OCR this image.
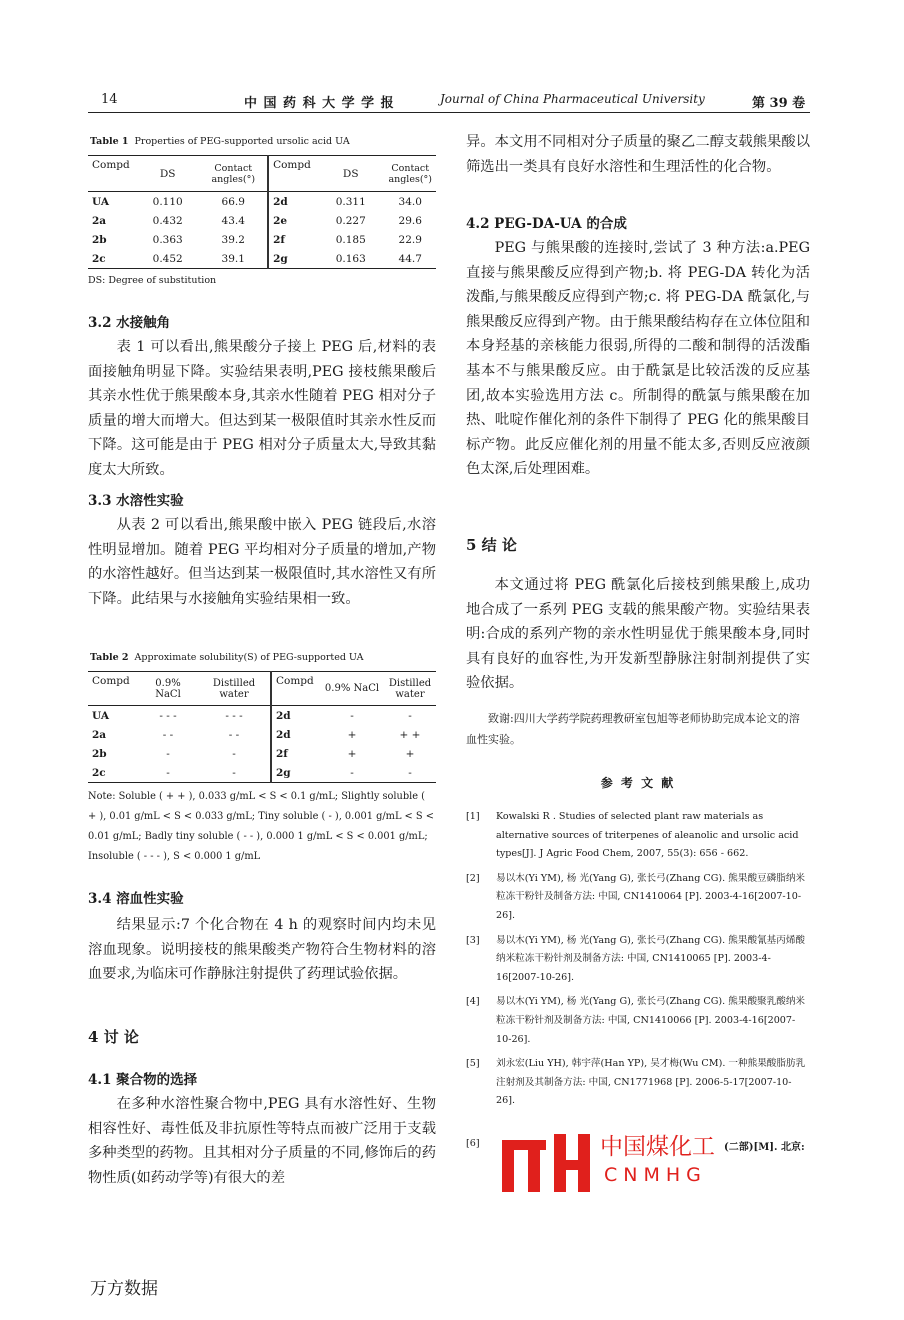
14	中 国 药 科 大 学 学 报	Journal of China Pharmaceutical University	第 39 卷
Table 1 Properties of PEG-supported ursolic acid UA
Compd	DS	Contact angles(°)	Compd	DS	Contact angles(°)
UA	0.110	66.9	2d	0.311	34.0
2a	0.432	43.4	2e	0.227	29.6
2b	0.363	39.2	2f	0.185	22.9
2c	0.452	39.1	2g	0.163	44.7
DS: Degree of substitution

3.2 水接触角

表 1 可以看出,熊果酸分子接上 PEG 后,材料的表面接触角明显下降。实验结果表明,PEG 接枝熊果酸后其亲水性优于熊果酸本身,其亲水性随着 PEG 相对分子质量的增大而增大。但达到某一极限值时其亲水性反而下降。这可能是由于 PEG 相对分子质量太大,导致其黏度太大所致。

3.3 水溶性实验

从表 2 可以看出,熊果酸中嵌入 PEG 链段后,水溶性明显增加。随着 PEG 平均相对分子质量的增加,产物的水溶性越好。但当达到某一极限值时,其水溶性又有所下降。此结果与水接触角实验结果相一致。

Table 2 Approximate solubility(S) of PEG-supported UA
Compd	0.9% NaCl	Distilled water	Compd	0.9% NaCl	Distilled water
UA	- - -	- - -	2d	-	-
2a	- -	- -	2d	+	+ +
2b	-	-	2f	+	+
2c	-	-	2g	-	-
Note: Soluble ( + + ), 0.033 g/mL < S < 0.1 g/mL; Slightly soluble ( + ), 0.01 g/mL < S < 0.033 g/mL; Tiny soluble ( - ), 0.001 g/mL < S < 0.01 g/mL; Badly tiny soluble ( - - ), 0.000 1 g/mL < S < 0.001 g/mL; Insoluble ( - - - ), S < 0.000 1 g/mL

3.4 溶血性实验

结果显示:7 个化合物在 4 h 的观察时间内均未见溶血现象。说明接枝的熊果酸类产物符合生物材料的溶血要求,为临床可作静脉注射提供了药理试验依据。

4 讨 论

4.1 聚合物的选择

在多种水溶性聚合物中,PEG 具有水溶性好、生物相容性好、毒性低及非抗原性等特点而被广泛用于支载多种类型的药物。且其相对分子质量的不同,修饰后的药物性质(如药动学等)有很大的差

异。本文用不同相对分子质量的聚乙二醇支载熊果酸以筛选出一类具有良好水溶性和生理活性的化合物。

4.2 PEG-DA-UA 的合成

PEG 与熊果酸的连接时,尝试了 3 种方法:a.PEG 直接与熊果酸反应得到产物;b. 将 PEG-DA 转化为活泼酯,与熊果酸反应得到产物;c. 将 PEG-DA 酰氯化,与熊果酸反应得到产物。由于熊果酸结构存在立体位阻和本身羟基的亲核能力很弱,所得的二酸和制得的活泼酯基本不与熊果酸反应。由于酰氯是比较活泼的反应基团,故本实验选用方法 c。所制得的酰氯与熊果酸在加热、吡啶作催化剂的条件下制得了 PEG 化的熊果酸目标产物。此反应催化剂的用量不能太多,否则反应液颜色太深,后处理困难。

5 结 论

本文通过将 PEG 酰氯化后接枝到熊果酸上,成功地合成了一系列 PEG 支载的熊果酸产物。实验结果表明:合成的系列产物的亲水性明显优于熊果酸本身,同时具有良好的血容性,为开发新型静脉注射制剂提供了实验依据。

致谢:四川大学药学院药理教研室包旭等老师协助完成本论文的溶血性实验。

参 考 文 献
[1]	Kowalski R . Studies of selected plant raw materials as alternative sources of triterpenes of aleanolic and ursolic acid types[J]. J Agric Food Chem, 2007, 55(3): 656 - 662.
[2]	易以木(Yi YM), 杨 光(Yang G), 张长弓(Zhang CG). 熊果酸豆磷脂纳米粒冻干粉针及制备方法: 中国, CN1410064 [P]. 2003-4-16[2007-10-26].
[3]	易以木(Yi YM), 杨 光(Yang G), 张长弓(Zhang CG). 熊果酸氰基丙烯酸纳米粒冻干粉针剂及制备方法: 中国, CN1410065 [P]. 2003-4-16[2007-10-26].
[4]	易以木(Yi YM), 杨 光(Yang G), 张长弓(Zhang CG). 熊果酸聚乳酸纳米粒冻干粉针剂及制备方法: 中国, CN1410066 [P]. 2003-4-16[2007-10-26].
[5]	刘永宏(Liu YH), 韩宇萍(Han YP), 吴才梅(Wu CM). 一种熊果酸脂肪乳注射剂及其制备方法: 中国, CN1771968 [P]. 2006-5-17[2007-10-26].
[6]	(二部)[M]. 北京:
中国煤化工
CNMHG
万方数据
